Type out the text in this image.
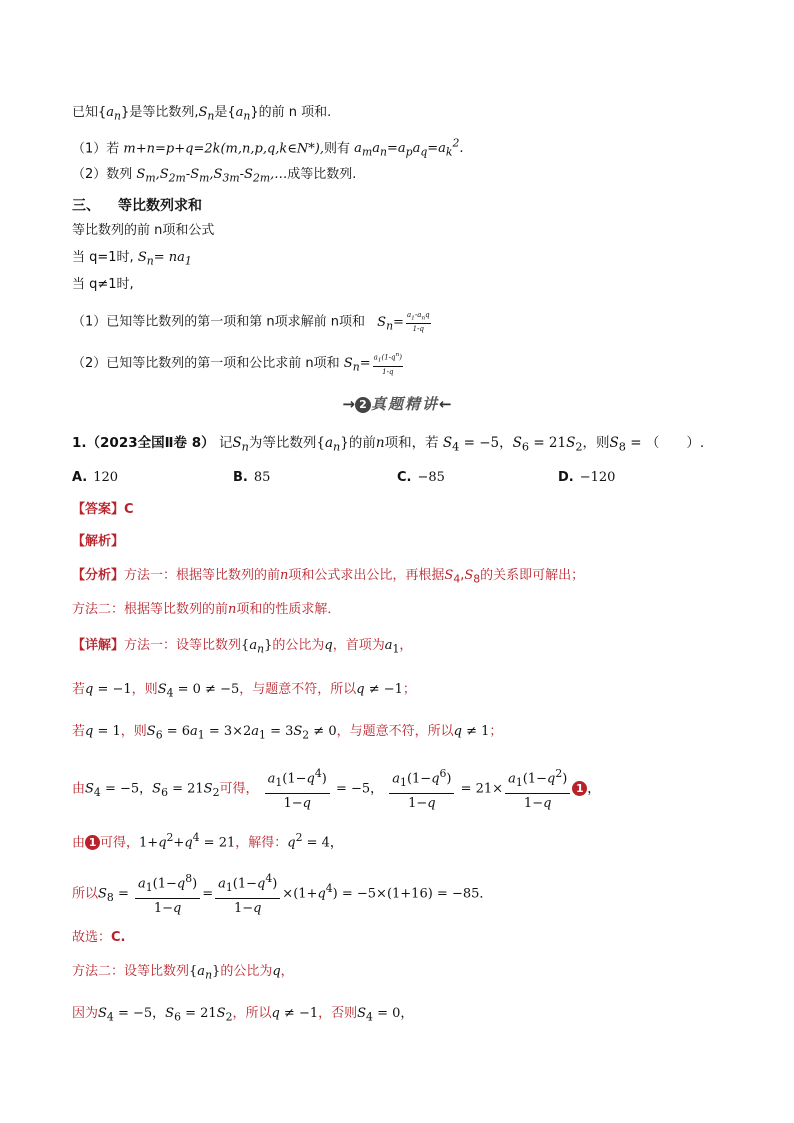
已知$\{a_n\}$是等比数列$,S_n$是$\{a_n\}$的前 n 项和.
（1）若 m+n=p+q=2k(m,n,p,q,k∈N*),则有 $a_ma_n=a_pa_q=a_k^2$.
（2）数列 $S_m,S_{2m}-S_m,S_{3m}-S_{2m},\dots$成等比数列.
三、 等比数列求和
等比数列的前 n项和公式
当 q=1时, $S_n= na_1$
当 q≠1时,
（1）已知等比数列的第一项和第 n项求解前 n项和 $S_n= \frac{a_1-a_nq}{1-q}$
（2）已知等比数列的第一项和公比求前 n项和 $S_n= \frac{a_1(1-q^n)}{1-q}$
→ 2 真题精讲←
1.（2023全国Ⅱ卷 8） 记$S_n$为等比数列$\{a_n\}$的前n项和，若 $S_4 = -5$，$S_6 = 21S_2$，则$S_8$ = （　　）.
A. 120	B. 85	C. −85	D. −120
【答案】C
【解析】
【分析】方法一：根据等比数列的前n项和公式求出公比，再根据$S_4,S_8$的关系即可解出；
方法二：根据等比数列的前n项和的性质求解．
【详解】方法一：设等比数列$\{a_n\}$的公比为q，首项为$a_1$，
若q = −1，则$S_4 = 0 \ne -5$，与题意不符，所以q ≠ −1；
若q = 1，则$S_6 = 6a_1 = 3\times 2a_1 = 3S_2 \ne 0$，与题意不符，所以q ≠ 1；
由$S_4 = -5$，$S_6 = 21S_2$可得， $\frac{a_1(1-q^4)}{1-q} = -5$， $\frac{a_1(1-q^6)}{1-q} = 21\times \frac{a_1(1-q^2)}{1-q} 1$ ，
由 1 可得，$1+q^2+q^4 = 21$，解得：$q^2 = 4$，
所以$S_8 = \frac{a_1(1-q^8)}{1-q} = \frac{a_1(1-q^4)}{1-q} \times(1+q^4) = -5\times(1+16) = -85$．
故选：C.
方法二：设等比数列$\{a_n\}$的公比为q，
因为$S_4 = -5$，$S_6 = 21S_2$，所以q ≠ −1，否则$S_4 = 0$，
